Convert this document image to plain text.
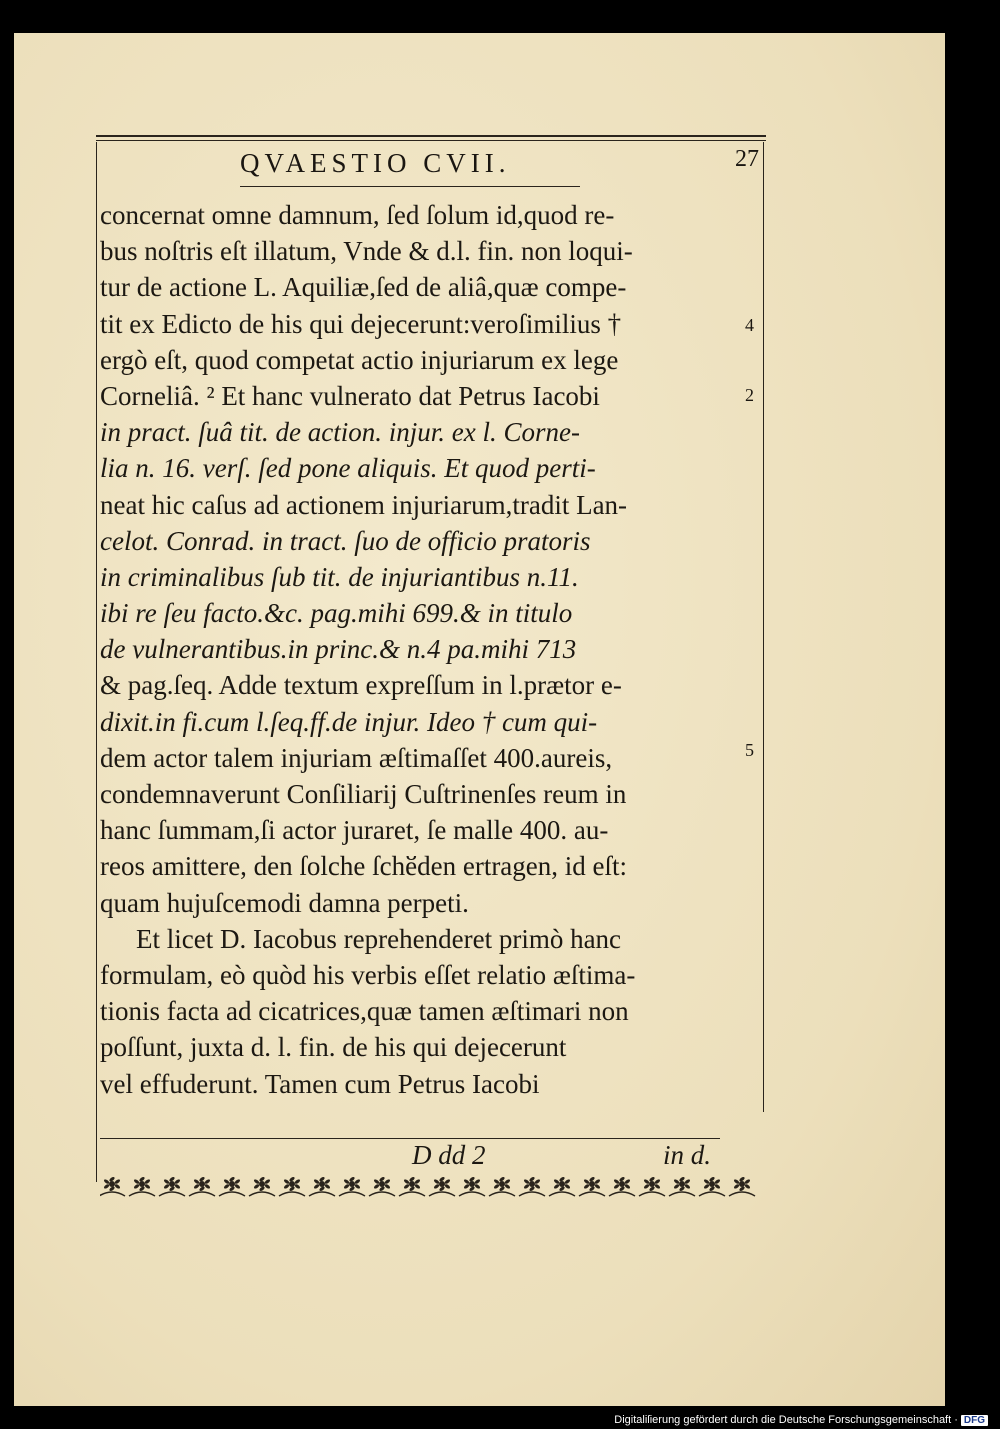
QVAESTIO CVII.	27
concernat omne damnum, ſed ſolum id,quod re-
bus noſtris eſt illatum, Vnde & d.l. fin. non loqui-
tur de actione L. Aquiliæ,ſed de aliâ,quæ compe-
tit ex Edicto de his qui dejecerunt:veroſimilius †
ergò eſt, quod competat actio injuriarum ex lege
Corneliâ. ² Et hanc vulnerato dat Petrus Iacobi
in pract. ſuâ tit. de action. injur. ex l. Corne-
lia n. 16. verſ. ſed pone aliquis. Et quod perti-
neat hic caſus ad actionem injuriarum,tradit Lan-
celot. Conrad. in tract. ſuo de officio pratoris
in criminalibus ſub tit. de injuriantibus n.11.
ibi re ſeu facto.&c. pag.mihi 699.& in titulo
de vulnerantibus.in princ.& n.4 pa.mihi 713
& pag.ſeq. Adde textum expreſſum in l.prætor e-
dixit.in fi.cum l.ſeq.ff.de injur. Ideo † cum qui-
dem actor talem injuriam æſtimaſſet 400.aureis,
condemnaverunt Conſiliarij Cuſtrinenſes reum in
hanc ſummam,ſi actor juraret, ſe malle 400. au-
reos amittere, den ſolche ſchӗden ertragen, id eſt:
quam hujuſcemodi damna perpeti.
Et licet D. Iacobus reprehenderet primò hanc
formulam, eò quòd his verbis eſſet relatio æſtima-
tionis facta ad cicatrices,quæ tamen æſtimari non
poſſunt, juxta d. l. fin. de his qui dejecerunt
vel effuderunt. Tamen cum Petrus Iacobi
4
2
5
D dd 2	in d.
Digitaliſierung gefördert durch die Deutsche Forschungsgemeinschaft · DFG
